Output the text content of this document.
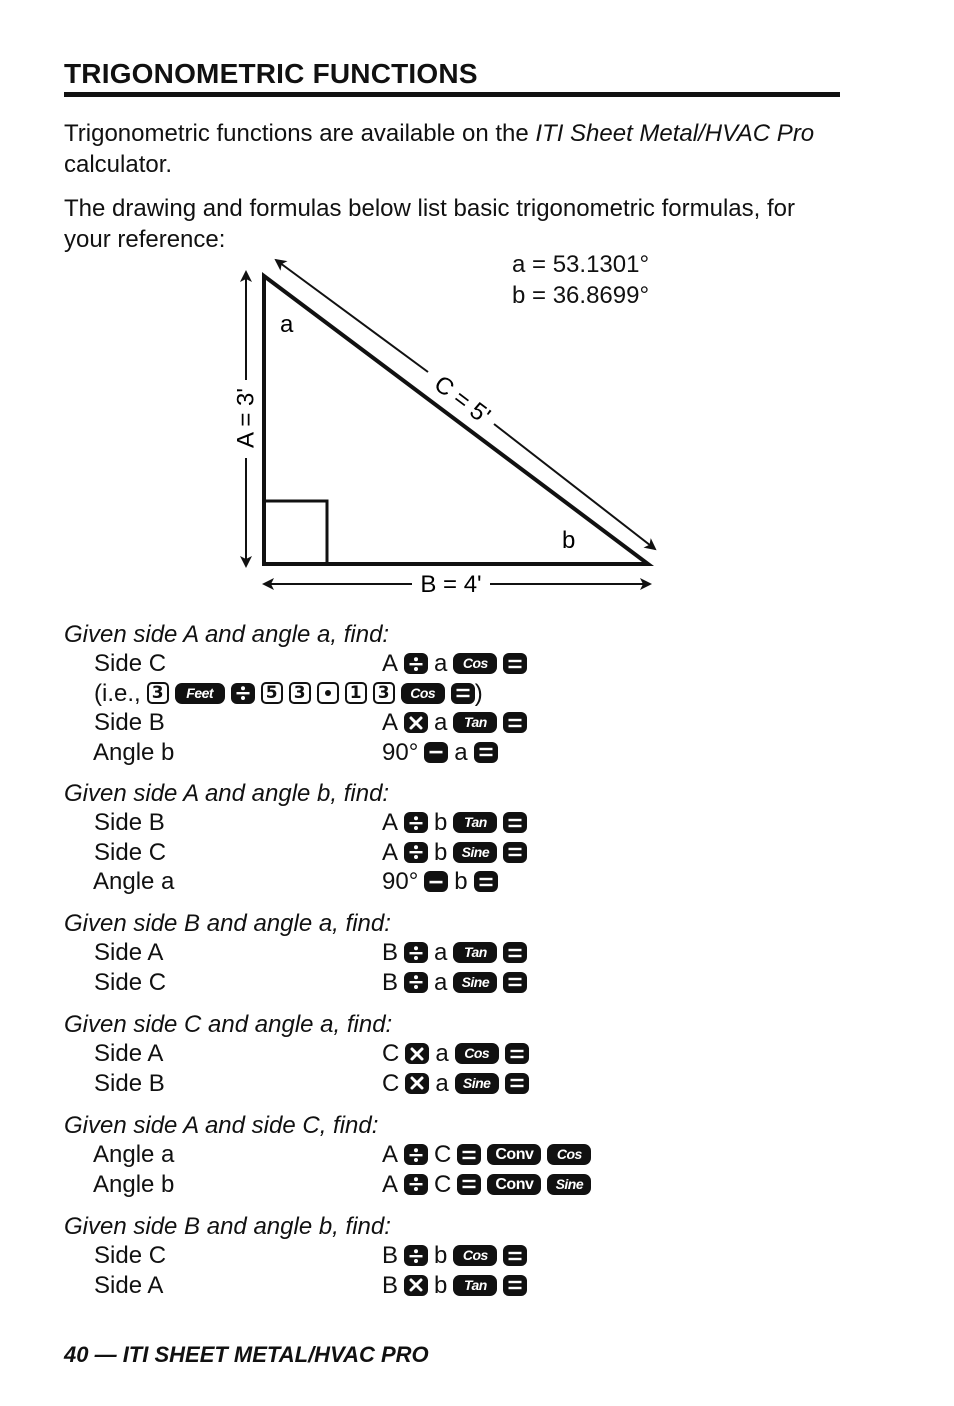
TRIGONOMETRIC FUNCTIONS
Trigonometric functions are available on the ITI Sheet Metal/HVAC Pro calculator.
The drawing and formulas below list basic trigonometric formulas, for your reference:
a = 53.1301°
b = 36.8699°
A = 3'
B = 4'
C = 5'
a
b
Given side A and angle a, find:
Side C	A a	Cos
(i.e., 3	Feet	5 3	1 3	Cos	)
Side B	A a	Tan
Angle b	90° a
Given side A and angle b, find:
Side B	A b	Tan
Side C	A b	Sine
Angle a	90° b
Given side B and angle a, find:
Side A	B a	Tan
Side C	B a	Sine
Given side C and angle a, find:
Side A	C a	Cos
Side B	C a	Sine
Given side A and side C, find:
Angle a	A C	Conv	Cos
Angle b	A C	Conv	Sine
Given side B and angle b, find:
Side C	B b	Cos
Side A	B b	Tan
40 — ITI SHEET METAL/HVAC PRO
